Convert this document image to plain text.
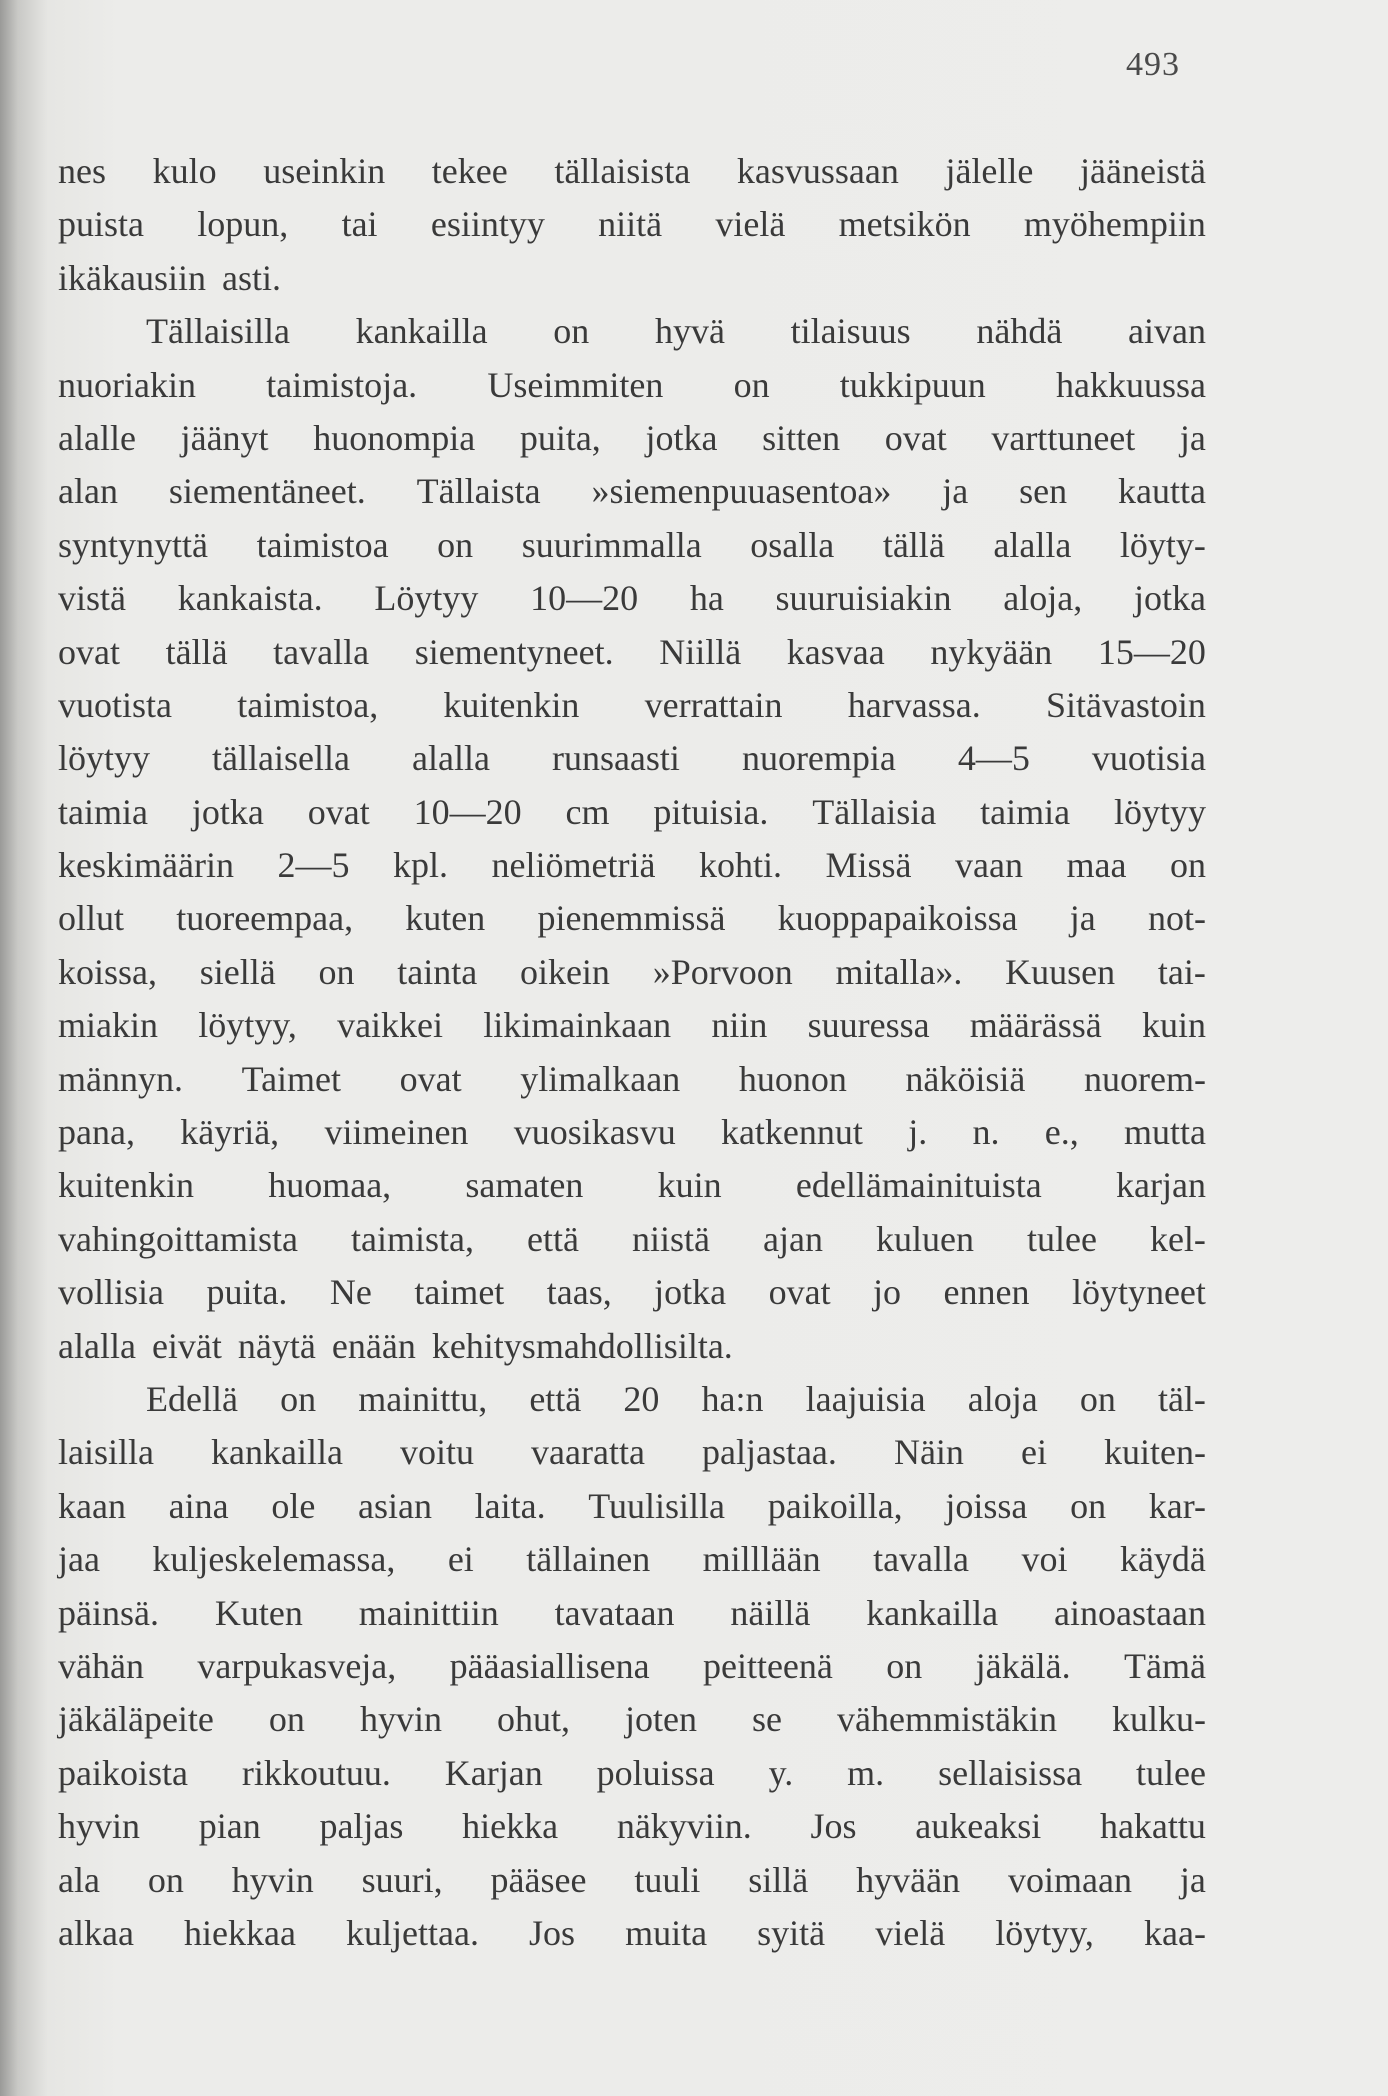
493
nes kulo useinkin tekee tällaisista kasvussaan jälelle jääneistä
puista lopun, tai esiintyy niitä vielä metsikön myöhempiin
ikäkausiin asti.
Tällaisilla kankailla on hyvä tilaisuus nähdä aivan
nuoriakin taimistoja. Useimmiten on tukkipuun hakkuussa
alalle jäänyt huonompia puita, jotka sitten ovat varttuneet ja
alan siementäneet. Tällaista »siemenpuuasentoa» ja sen kautta
syntynyttä taimistoa on suurimmalla osalla tällä alalla löyty-
vistä kankaista. Löytyy 10—20 ha suuruisiakin aloja, jotka
ovat tällä tavalla siementyneet. Niillä kasvaa nykyään 15—20
vuotista taimistoa, kuitenkin verrattain harvassa. Sitävastoin
löytyy tällaisella alalla runsaasti nuorempia 4—5 vuotisia
taimia jotka ovat 10—20 cm pituisia. Tällaisia taimia löytyy
keskimäärin 2—5 kpl. neliömetriä kohti. Missä vaan maa on
ollut tuoreempaa, kuten pienemmissä kuoppapaikoissa ja not-
koissa, siellä on tainta oikein »Porvoon mitalla». Kuusen tai-
miakin löytyy, vaikkei likimainkaan niin suuressa määrässä kuin
männyn. Taimet ovat ylimalkaan huonon näköisiä nuorem-
pana, käyriä, viimeinen vuosikasvu katkennut j. n. e., mutta
kuitenkin huomaa, samaten kuin edellämainituista karjan
vahingoittamista taimista, että niistä ajan kuluen tulee kel-
vollisia puita. Ne taimet taas, jotka ovat jo ennen löytyneet
alalla eivät näytä enään kehitysmahdollisilta.
Edellä on mainittu, että 20 ha:n laajuisia aloja on täl-
laisilla kankailla voitu vaaratta paljastaa. Näin ei kuiten-
kaan aina ole asian laita. Tuulisilla paikoilla, joissa on kar-
jaa kuljeskelemassa, ei tällainen milllään tavalla voi käydä
päinsä. Kuten mainittiin tavataan näillä kankailla ainoastaan
vähän varpukasveja, pääasiallisena peitteenä on jäkälä. Tämä
jäkäläpeite on hyvin ohut, joten se vähemmistäkin kulku-
paikoista rikkoutuu. Karjan poluissa y. m. sellaisissa tulee
hyvin pian paljas hiekka näkyviin. Jos aukeaksi hakattu
ala on hyvin suuri, pääsee tuuli sillä hyvään voimaan ja
alkaa hiekkaa kuljettaa. Jos muita syitä vielä löytyy, kaa-
